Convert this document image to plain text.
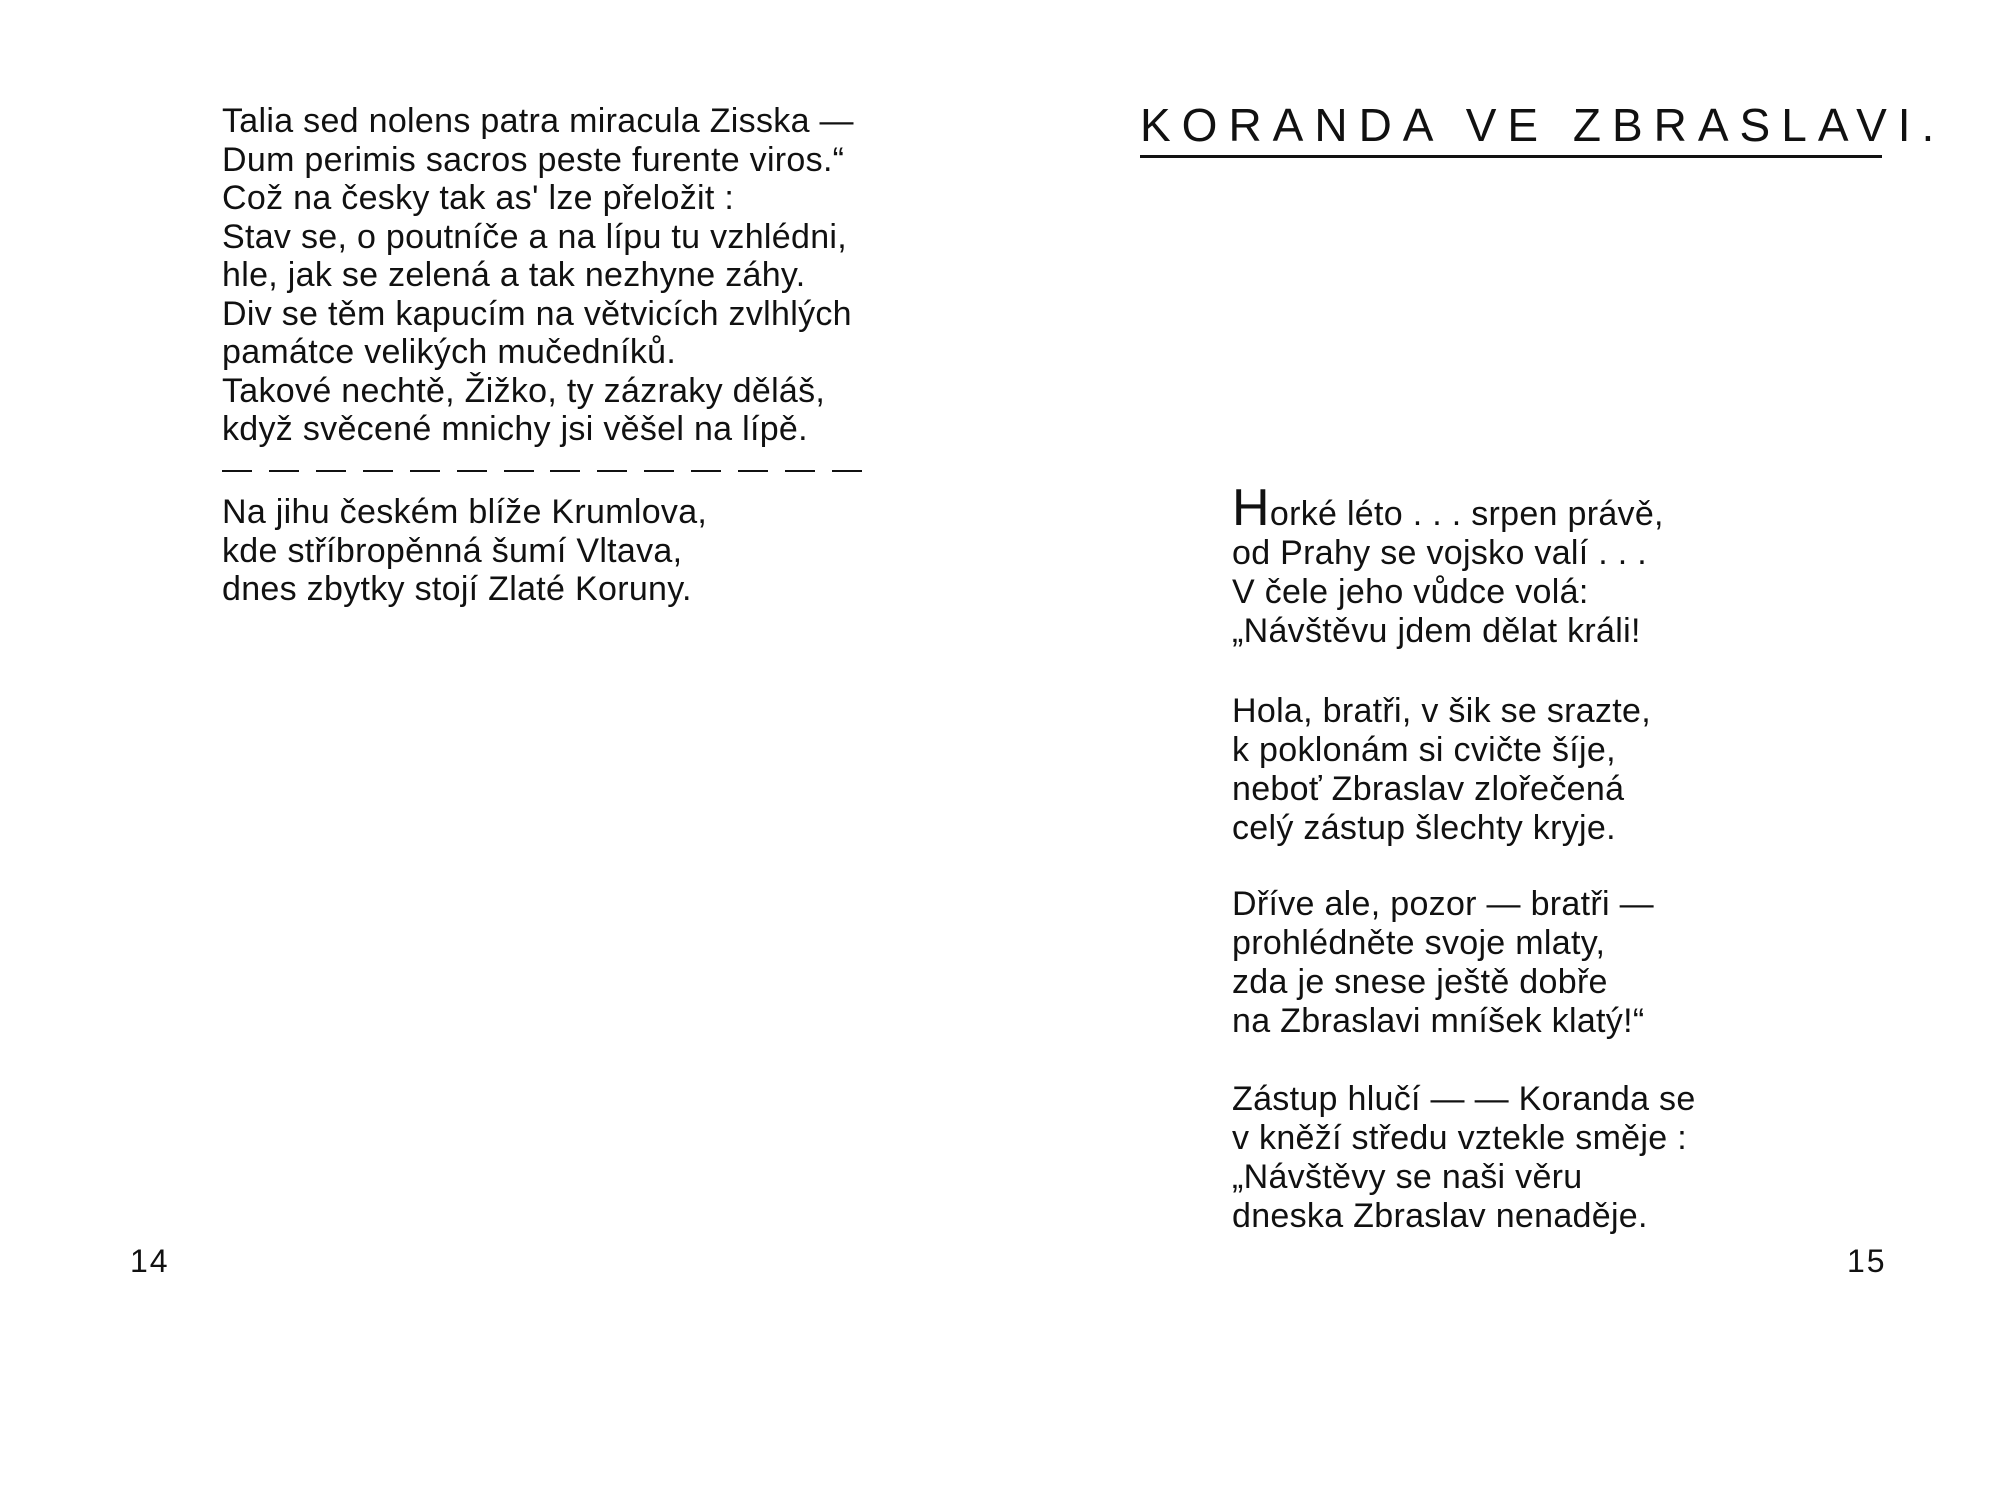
Talia sed nolens patra miracula Zisska —
Dum perimis sacros peste furente viros.“
Což na česky tak as' lze přeložit :
Stav se, o poutníče a na lípu tu vzhlédni,
hle, jak se zelená a tak nezhyne záhy.
Div se těm kapucím na větvicích zvlhlých
památce velikých mučedníků.
Takové nechtě, Žižko, ty zázraky děláš,
když svěcené mnichy jsi věšel na lípě.
Na jihu českém blíže Krumlova,
kde stříbropěnná šumí Vltava,
dnes zbytky stojí Zlaté Koruny.
14
KORANDA VE ZBRASLAVI.
Horké léto . . . srpen právě,
od Prahy se vojsko valí . . .
V čele jeho vůdce volá:
„Návštěvu jdem dělat králi!
Hola, bratři, v šik se srazte,
k poklonám si cvičte šíje,
neboť Zbraslav zlořečená
celý zástup šlechty kryje.
Dříve ale, pozor — bratři —
prohlédněte svoje mlaty,
zda je snese ještě dobře
na Zbraslavi mníšek klatý!“
Zástup hlučí — — Koranda se
v kněží středu vztekle směje :
„Návštěvy se naši věru
dneska Zbraslav nenaděje.
15
